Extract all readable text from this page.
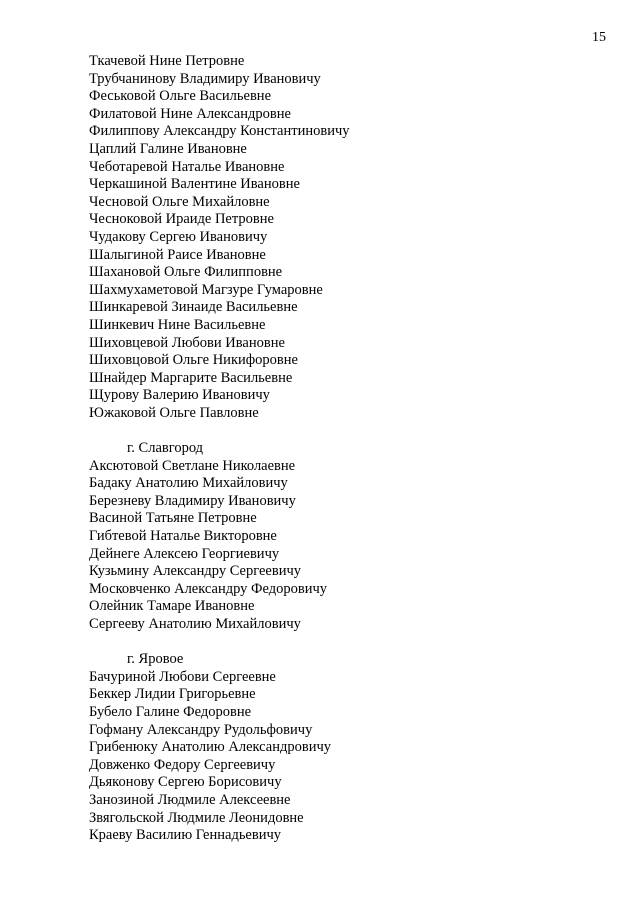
15
Ткачевой Нине Петровне
Трубчанинову Владимиру Ивановичу
Феськовой Ольге Васильевне
Филатовой Нине Александровне
Филиппову Александру Константиновичу
Цаплий Галине Ивановне
Чеботаревой Наталье Ивановне
Черкашиной Валентине Ивановне
Чесновой Ольге Михайловне
Чесноковой Ираиде Петровне
Чудакову Сергею Ивановичу
Шалыгиной Раисе Ивановне
Шахановой Ольге Филипповне
Шахмухаметовой Магзуре Гумаровне
Шинкаревой Зинаиде Васильевне
Шинкевич Нине Васильевне
Шиховцевой Любови Ивановне
Шиховцовой Ольге Никифоровне
Шнайдер Маргарите Васильевне
Щурову Валерию Ивановичу
Южаковой Ольге Павловне
г. Славгород
Аксютовой Светлане Николаевне
Бадаку Анатолию Михайловичу
Березневу Владимиру Ивановичу
Васиной Татьяне Петровне
Гибтевой Наталье Викторовне
Дейнеге Алексею Георгиевичу
Кузьмину Александру Сергеевичу
Московченко Александру Федоровичу
Олейник Тамаре Ивановне
Сергееву Анатолию Михайловичу
г. Яровое
Бачуриной Любови Сергеевне
Беккер Лидии Григорьевне
Бубело Галине Федоровне
Гофману Александру Рудольфовичу
Грибенюку Анатолию Александровичу
Довженко Федору Сергеевичу
Дьяконову Сергею Борисовичу
Занозиной Людмиле Алексеевне
Звягольской Людмиле Леонидовне
Краеву Василию Геннадьевичу
